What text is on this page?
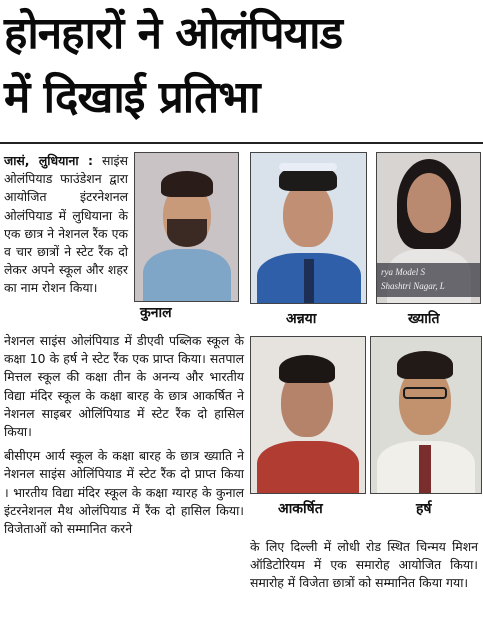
होनहारों ने ओलंपियाड
में दिखाई प्रतिभा

जासं, लुधियाना : साइंस ओलंपियाड फाउंडेशन द्वारा आयोजित इंटरनेशनल ओलंपियाड में लुधियाना के एक छात्र ने नेशनल रैंक एक व चार छात्रों ने स्टेट रैंक दो लेकर अपने स्कूल और शहर का नाम रोशन किया।

नेशनल साइंस ओलंपियाड में डीएवी पब्लिक स्कूल के कक्षा 10 के हर्ष ने स्टेट रैंक एक प्राप्त किया। सतपाल मित्तल स्कूल की कक्षा तीन के अनन्य और भारतीय विद्या मंदिर स्कूल के कक्षा बारह के छात्र आकर्षित ने नेशनल साइबर ओलिंपियाड में स्टेट रैंक दो हासिल किया।

बीसीएम आर्य स्कूल के कक्षा बारह के छात्र ख्याति ने नेशनल साइंस ओलिंपियाड में स्टेट रैंक दो प्राप्त किया । भारतीय विद्या मंदिर स्कूल के कक्षा ग्यारह के कुनाल इंटरनेशनल मैथ ओलंपियाड में रैंक दो हासिल किया। विजेताओं को सम्मानित करने

के लिए दिल्ली में लोधी रोड स्थित चिन्मय मिशन ऑडिटोरियम में एक समारोह आयोजित किया। समारोह में विजेता छात्रों को सम्मानित किया गया।

कुनाल	अन्नया
rya Model S
Shashtri Nagar, L
ख्याति
आकर्षित	हर्ष
